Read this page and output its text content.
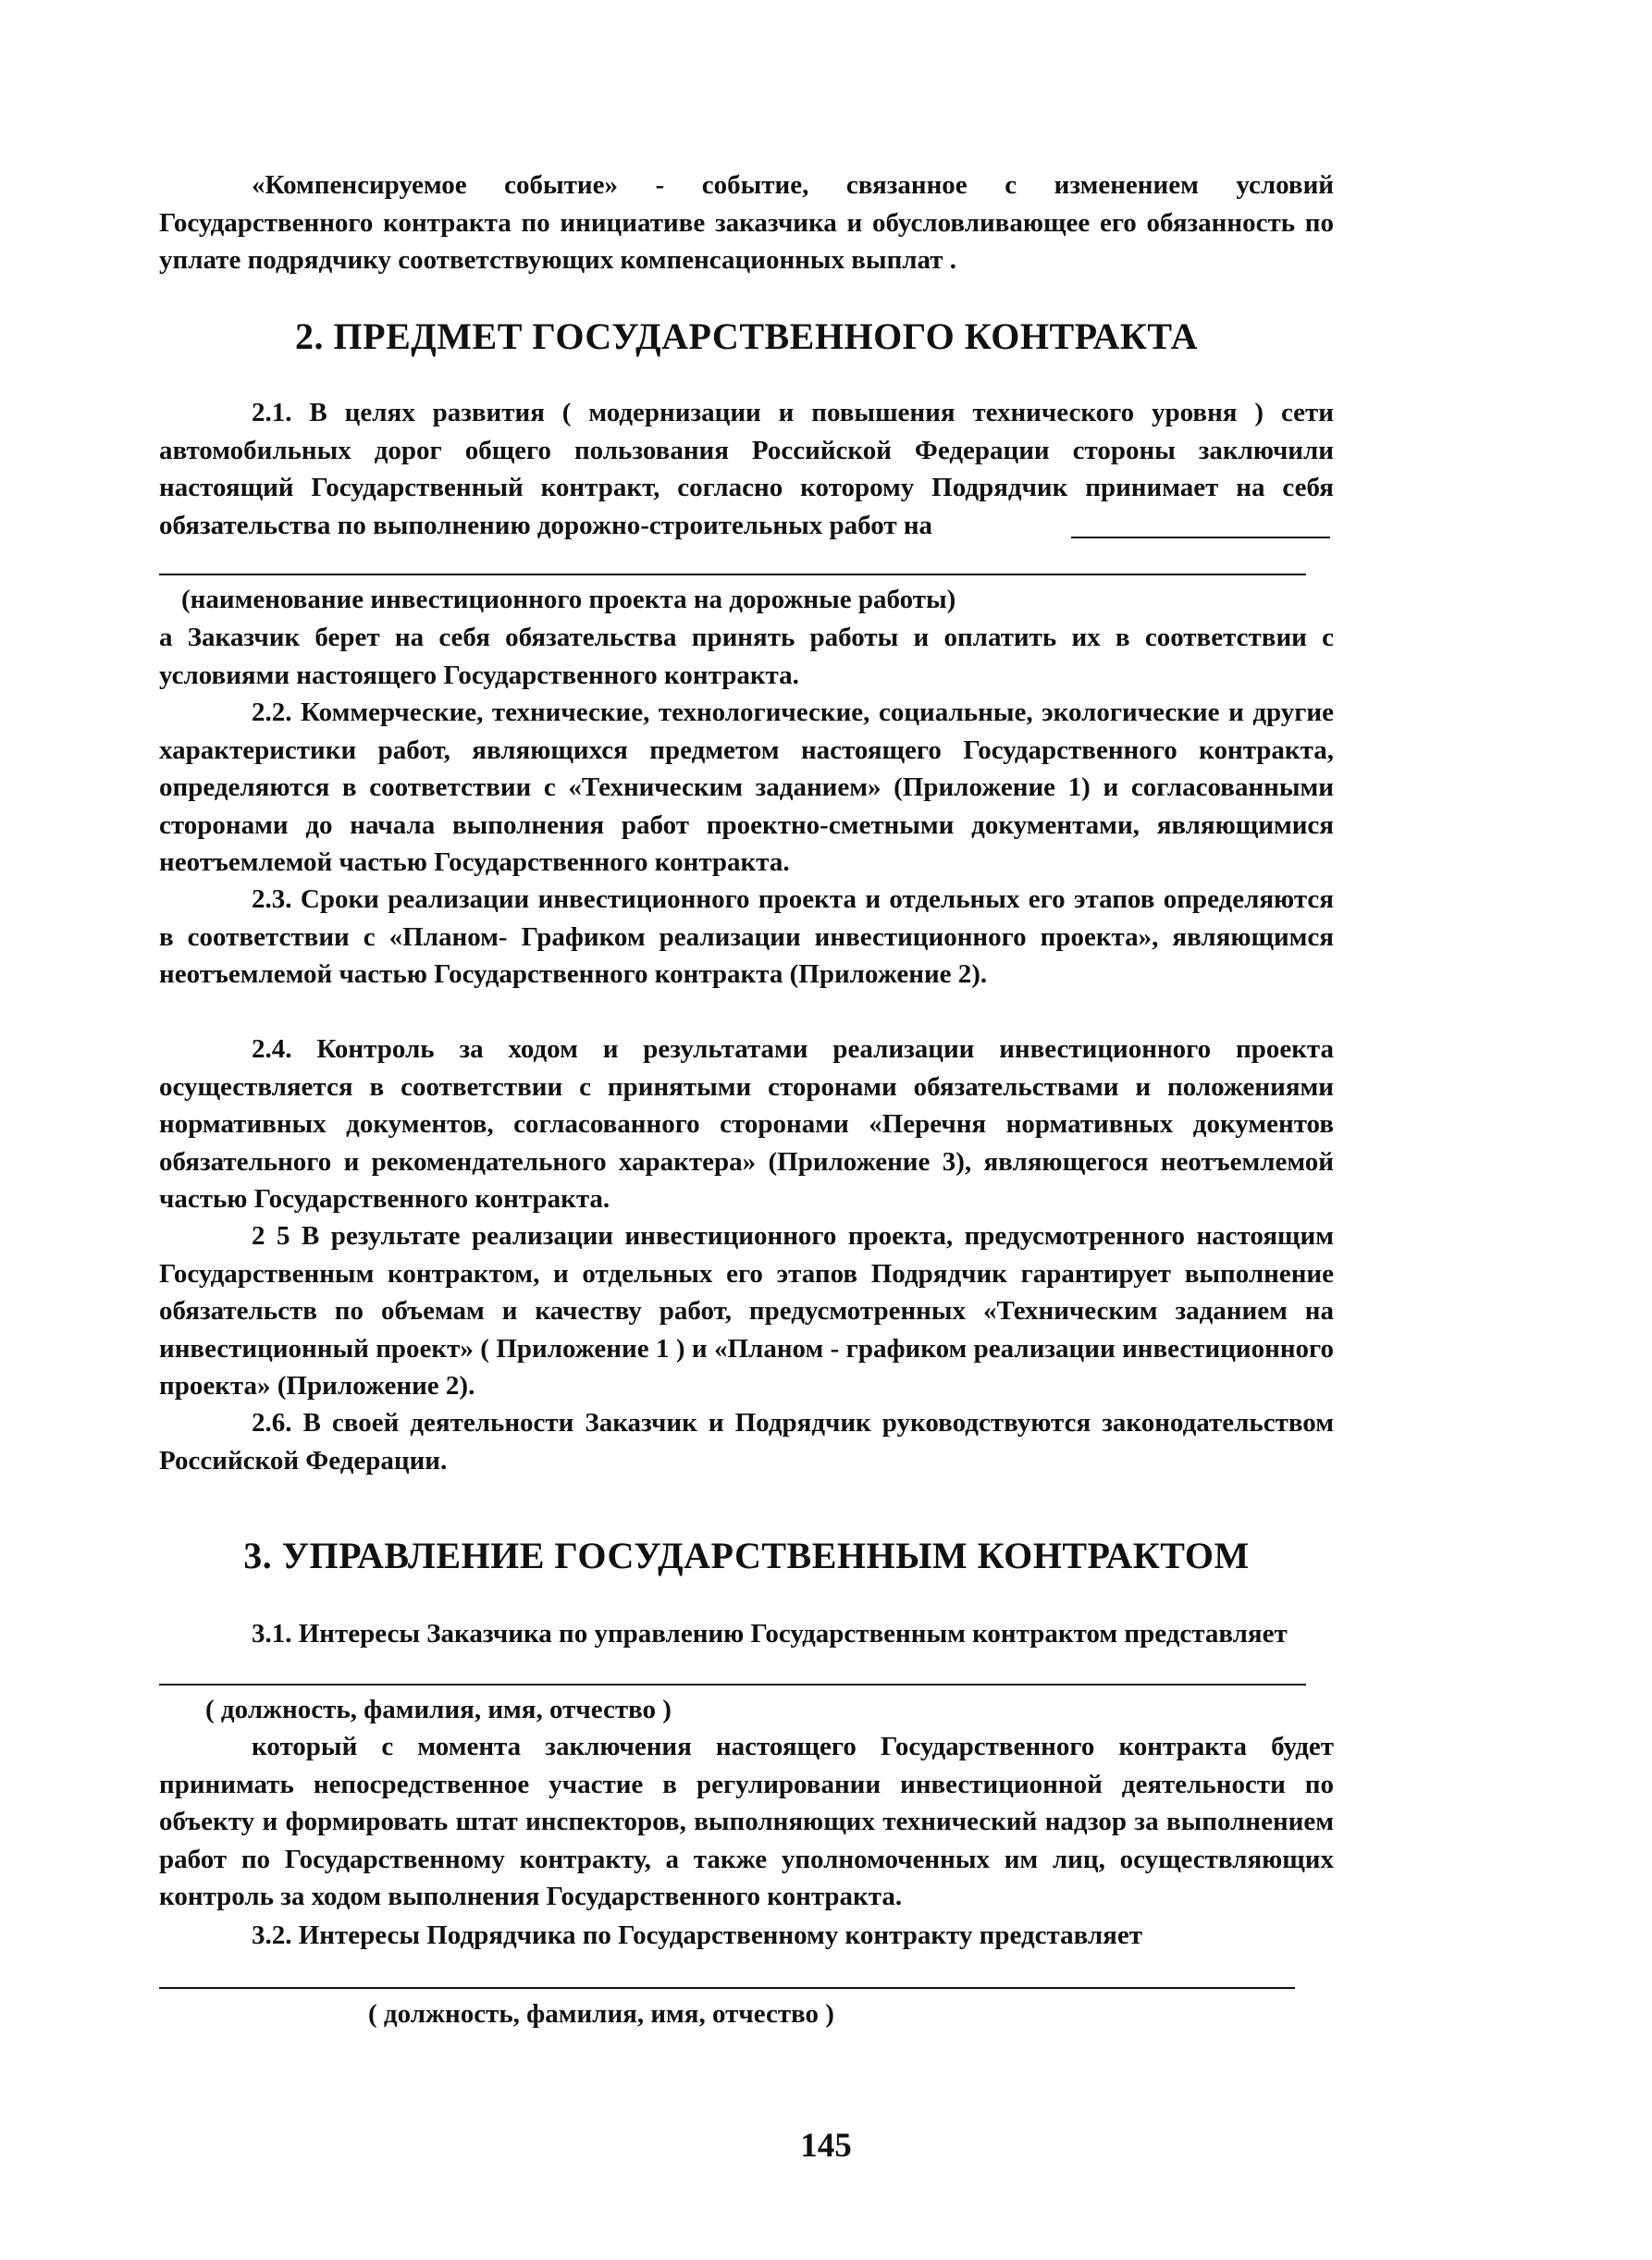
«Компенсируемое событие» - событие, связанное с изменением условий Государственного контракта по инициативе заказчика и обусловливающее его обязанность по уплате подрядчику соответствующих компенсационных выплат .

2. ПРЕДМЕТ ГОСУДАРСТВЕННОГО КОНТРАКТА

2.1. В целях развития ( модернизации и повышения технического уровня ) сети автомобильных дорог общего пользования Российской Федерации стороны заключили настоящий Государственный контракт, согласно которому Подрядчик принимает на себя обязательства по выполнению дорожно-строительных работ на

(наименование инвестиционного проекта на дорожные работы)

а Заказчик берет на себя обязательства принять работы и оплатить их в соответствии с условиями настоящего Государственного контракта.

2.2. Коммерческие, технические, технологические, социальные, экологические и другие характеристики работ, являющихся предметом настоящего Государственного контракта, определяются в соответствии с «Техническим заданием» (Приложение 1) и согласованными сторонами до начала выполнения работ проектно-сметными документами, являющимися неотъемлемой частью Государственного контракта.

2.3. Сроки реализации инвестиционного проекта и отдельных его этапов определяются в соответствии с «Планом- Графиком реализации инвестиционного проекта», являющимся неотъемлемой частью Государственного контракта (Приложение 2).

2.4. Контроль за ходом и результатами реализации инвестиционного проекта осуществляется в соответствии с принятыми сторонами обязательствами и положениями нормативных документов, согласованного сторонами «Перечня нормативных документов обязательного и рекомендательного характера» (Приложение 3), являющегося неотъемлемой частью Государственного контракта.

2 5 В результате реализации инвестиционного проекта, предусмотренного настоящим Государственным контрактом, и отдельных его этапов Подрядчик гарантирует выполнение обязательств по объемам и качеству работ, предусмотренных «Техническим заданием на инвестиционный проект» ( Приложение 1 ) и «Планом - графиком реализации инвестиционного проекта» (Приложение 2).

2.6. В своей деятельности Заказчик и Подрядчик руководствуются законодательством Российской Федерации.

3. УПРАВЛЕНИЕ ГОСУДАРСТВЕННЫМ КОНТРАКТОМ

3.1. Интересы Заказчика по управлению Государственным контрактом представляет

( должность, фамилия, имя, отчество )

который с момента заключения настоящего Государственного контракта будет принимать непосредственное участие в регулировании инвестиционной деятельности по объекту и формировать штат инспекторов, выполняющих технический надзор за выполнением работ по Государственному контракту, а также уполномоченных им лиц, осуществляющих контроль за ходом выполнения Государственного контракта.

3.2. Интересы Подрядчика по Государственному контракту представляет

( должность, фамилия, имя, отчество )
145
